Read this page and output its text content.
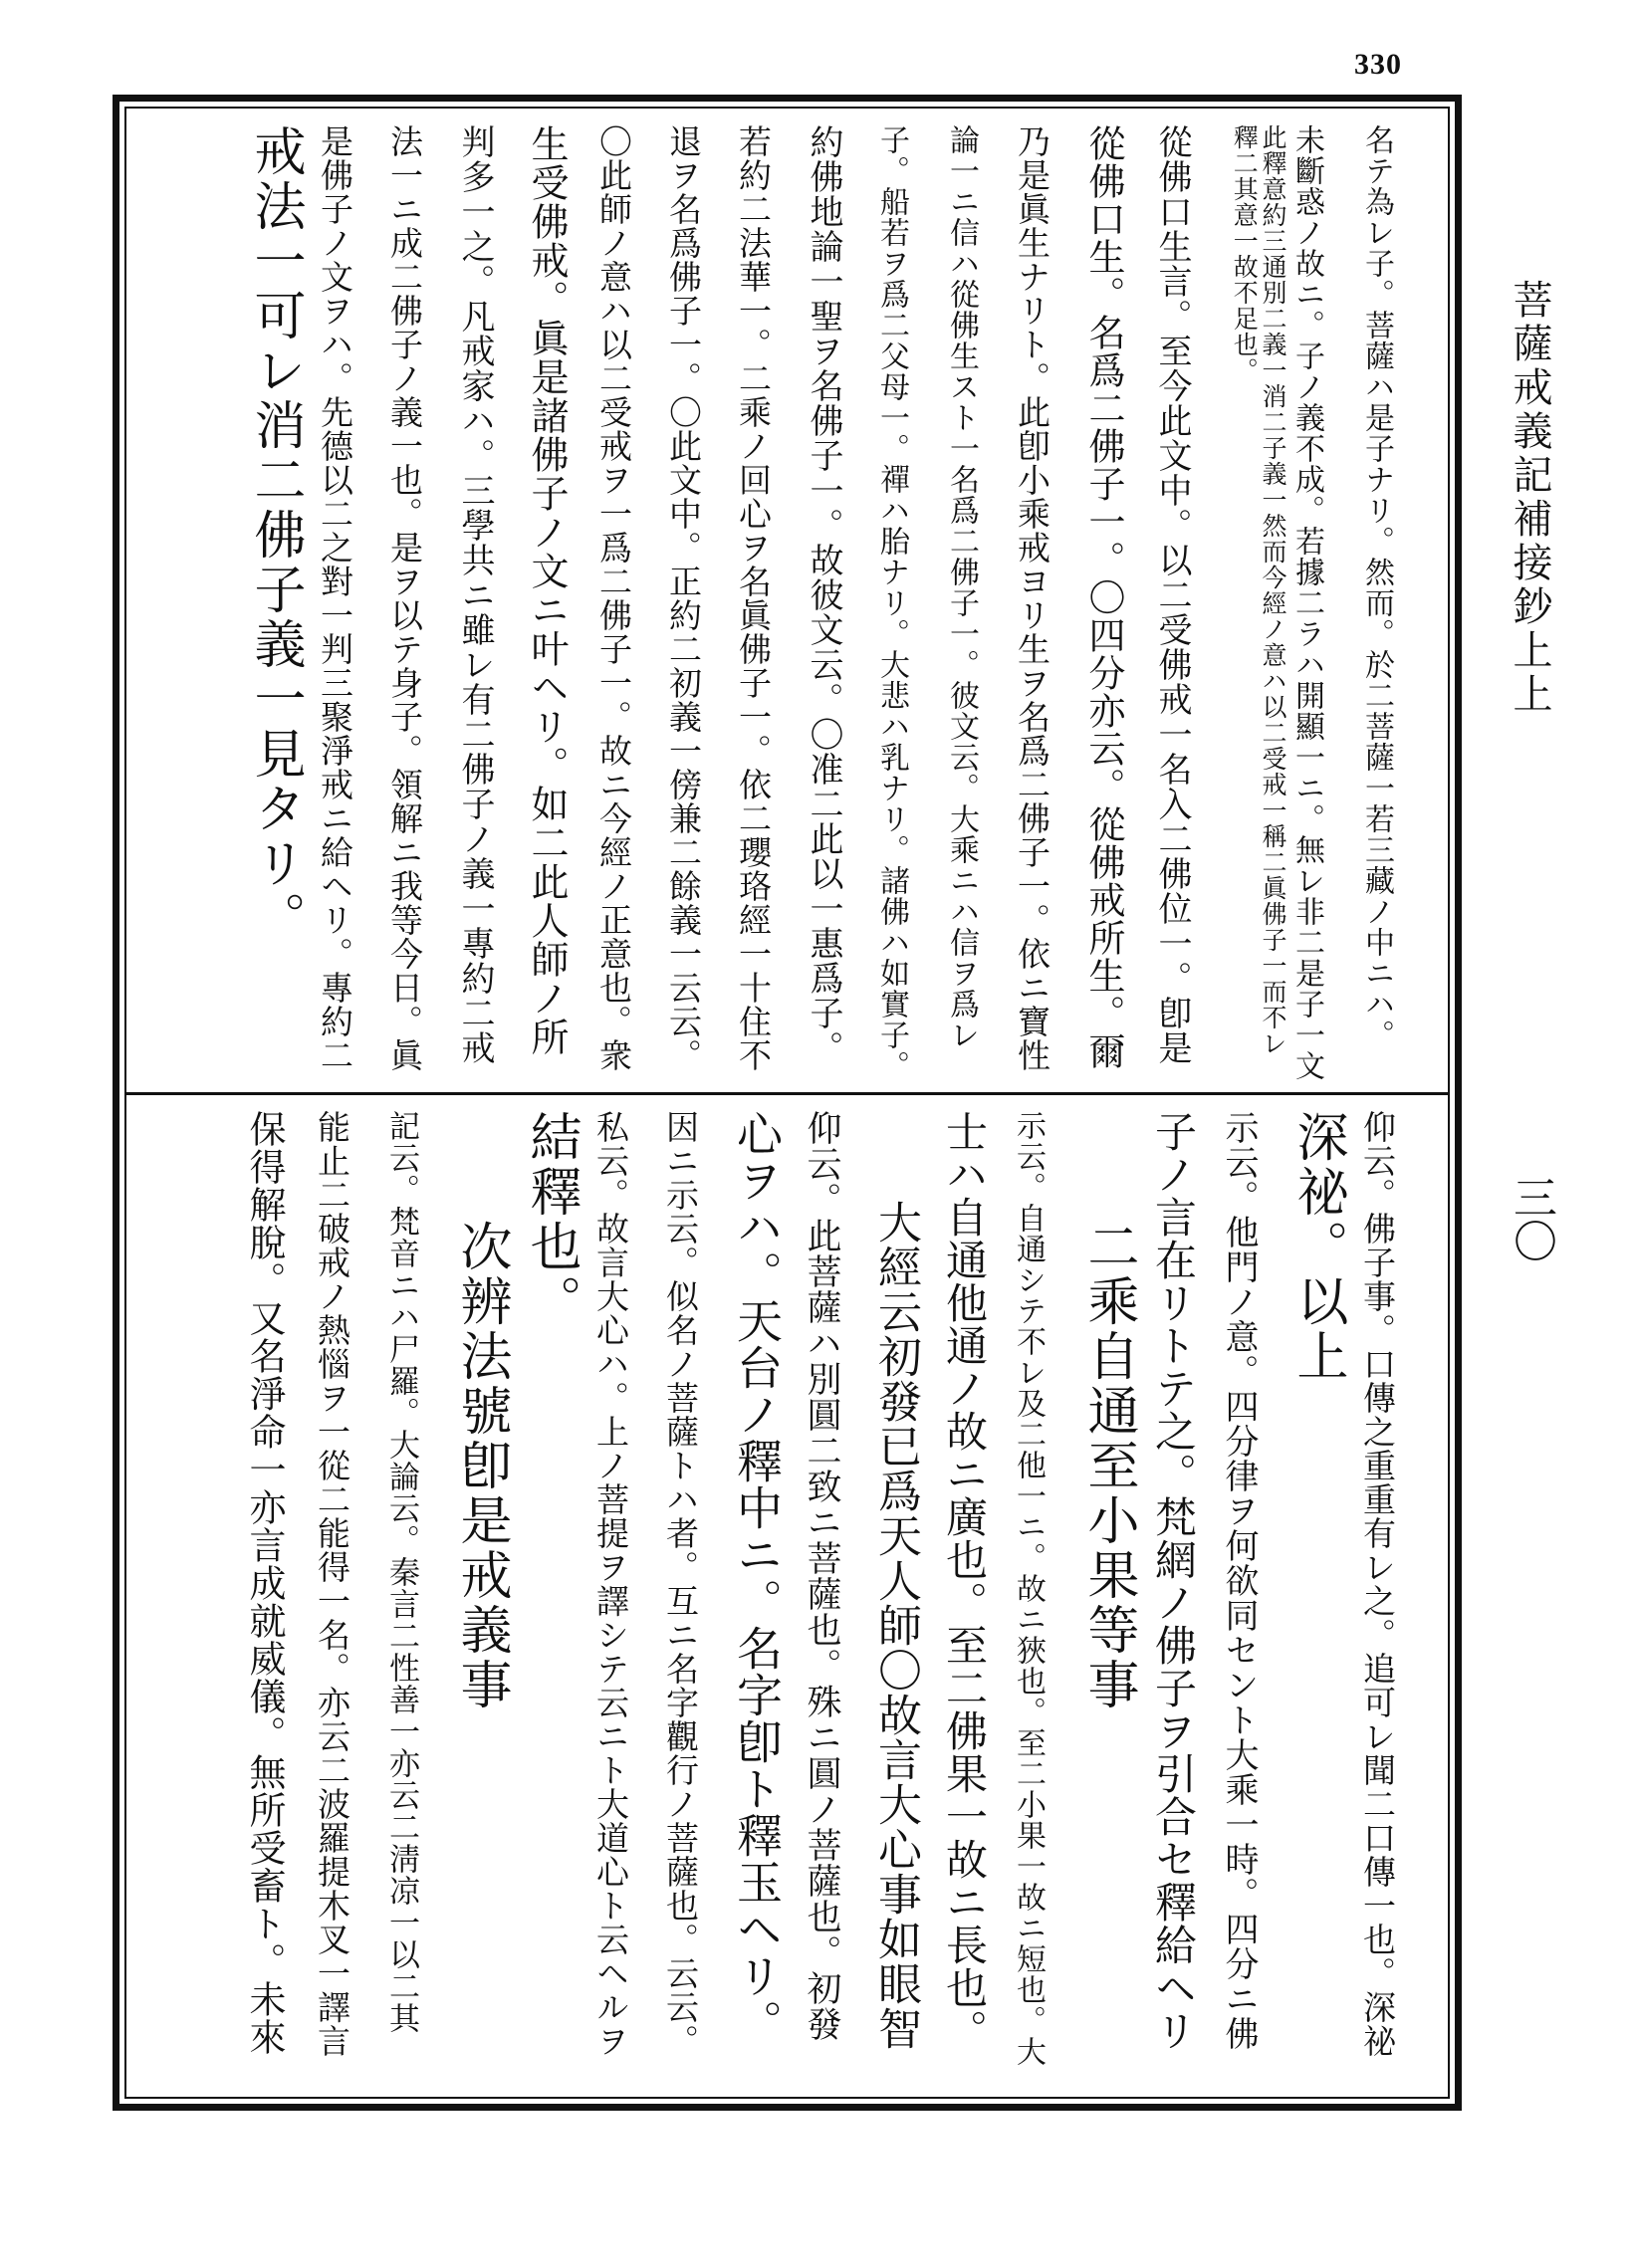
330
菩薩戒義記補接鈔上上
三〇
名テ為レ子。菩薩ハ是子ナリ。然而。於二菩薩一若三藏ノ中ニハ。
未斷惑ノ故ニ。子ノ義不成。若據二ラハ開顯一ニ。無レ非二是子一文
此釋意約三通別二義一消二子義一然而今經ノ意ハ以二受戒一稱二眞佛子一而不レ釋二其意一故不足也。
從佛口生言。至今此文中。以二受佛戒一名入二佛位一。卽是
從佛口生。名爲二佛子一。〇四分亦云。從佛戒所生。爾
乃是眞生ナリト。此卽小乘戒ヨリ生ヲ名爲二佛子一。依ニ寶性
論一ニ信ハ從佛生スト一名爲二佛子一。彼文云。大乘ニハ信ヲ爲レ
子。船若ヲ爲二父母一。禪ハ胎ナリ。大悲ハ乳ナリ。諸佛ハ如實子。
約佛地論一聖ヲ名佛子一。故彼文云。〇准二此以一惠爲子。
若約二法華一。二乘ノ回心ヲ名眞佛子一。依二瓔珞經一十住不
退ヲ名爲佛子一。〇此文中。正約二初義一傍兼二餘義一云云。
〇此師ノ意ハ以二受戒ヲ一爲二佛子一。故ニ今經ノ正意也。衆
生受佛戒。眞是諸佛子ノ文ニ叶ヘリ。如二此人師ノ所
判多一之。凡戒家ハ。三學共ニ雖レ有二佛子ノ義一專約二戒
法一ニ成二佛子ノ義一也。是ヲ以テ身子。領解ニ我等今日。眞
是佛子ノ文ヲハ。先德以二之對一判三聚淨戒ニ給ヘリ。專約二
戒法一可レ消二佛子義一見タリ。
仰云。佛子事。口傳之重重有レ之。追可レ聞二口傳一也。深祕
深祕。以上
示云。他門ノ意。四分律ヲ何欲同セント大乘一時。四分ニ佛
子ノ言在リトテ之。梵網ノ佛子ヲ引合セ釋給ヘリ
　　二乘自通至小果等事
示云。自通シテ不レ及二他一ニ。故ニ狹也。至二小果一故ニ短也。大
士ハ自通他通ノ故ニ廣也。至二佛果一故ニ長也。
　　大經云初發已爲天人師〇故言大心事如眼智
仰云。此菩薩ハ別圓二致ニ菩薩也。殊ニ圓ノ菩薩也。初發
心ヲハ。天台ノ釋中ニ。名字卽ト釋玉ヘリ。
因ニ示云。似名ノ菩薩トハ者。互ニ名字觀行ノ菩薩也。云云。
私云。故言大心ハ。上ノ菩提ヲ譯シテ云ニト大道心ト云ヘルヲ
結釋也。
　　次辨法號卽是戒義事
記云。梵音ニハ尸羅。大論云。秦言二性善一亦云二淸凉一以二其
能止二破戒ノ熱惱ヲ一從二能得一名。亦云二波羅提木叉一譯言
保得解脫。又名淨命一亦言成就威儀。無所受畜ト。未來
